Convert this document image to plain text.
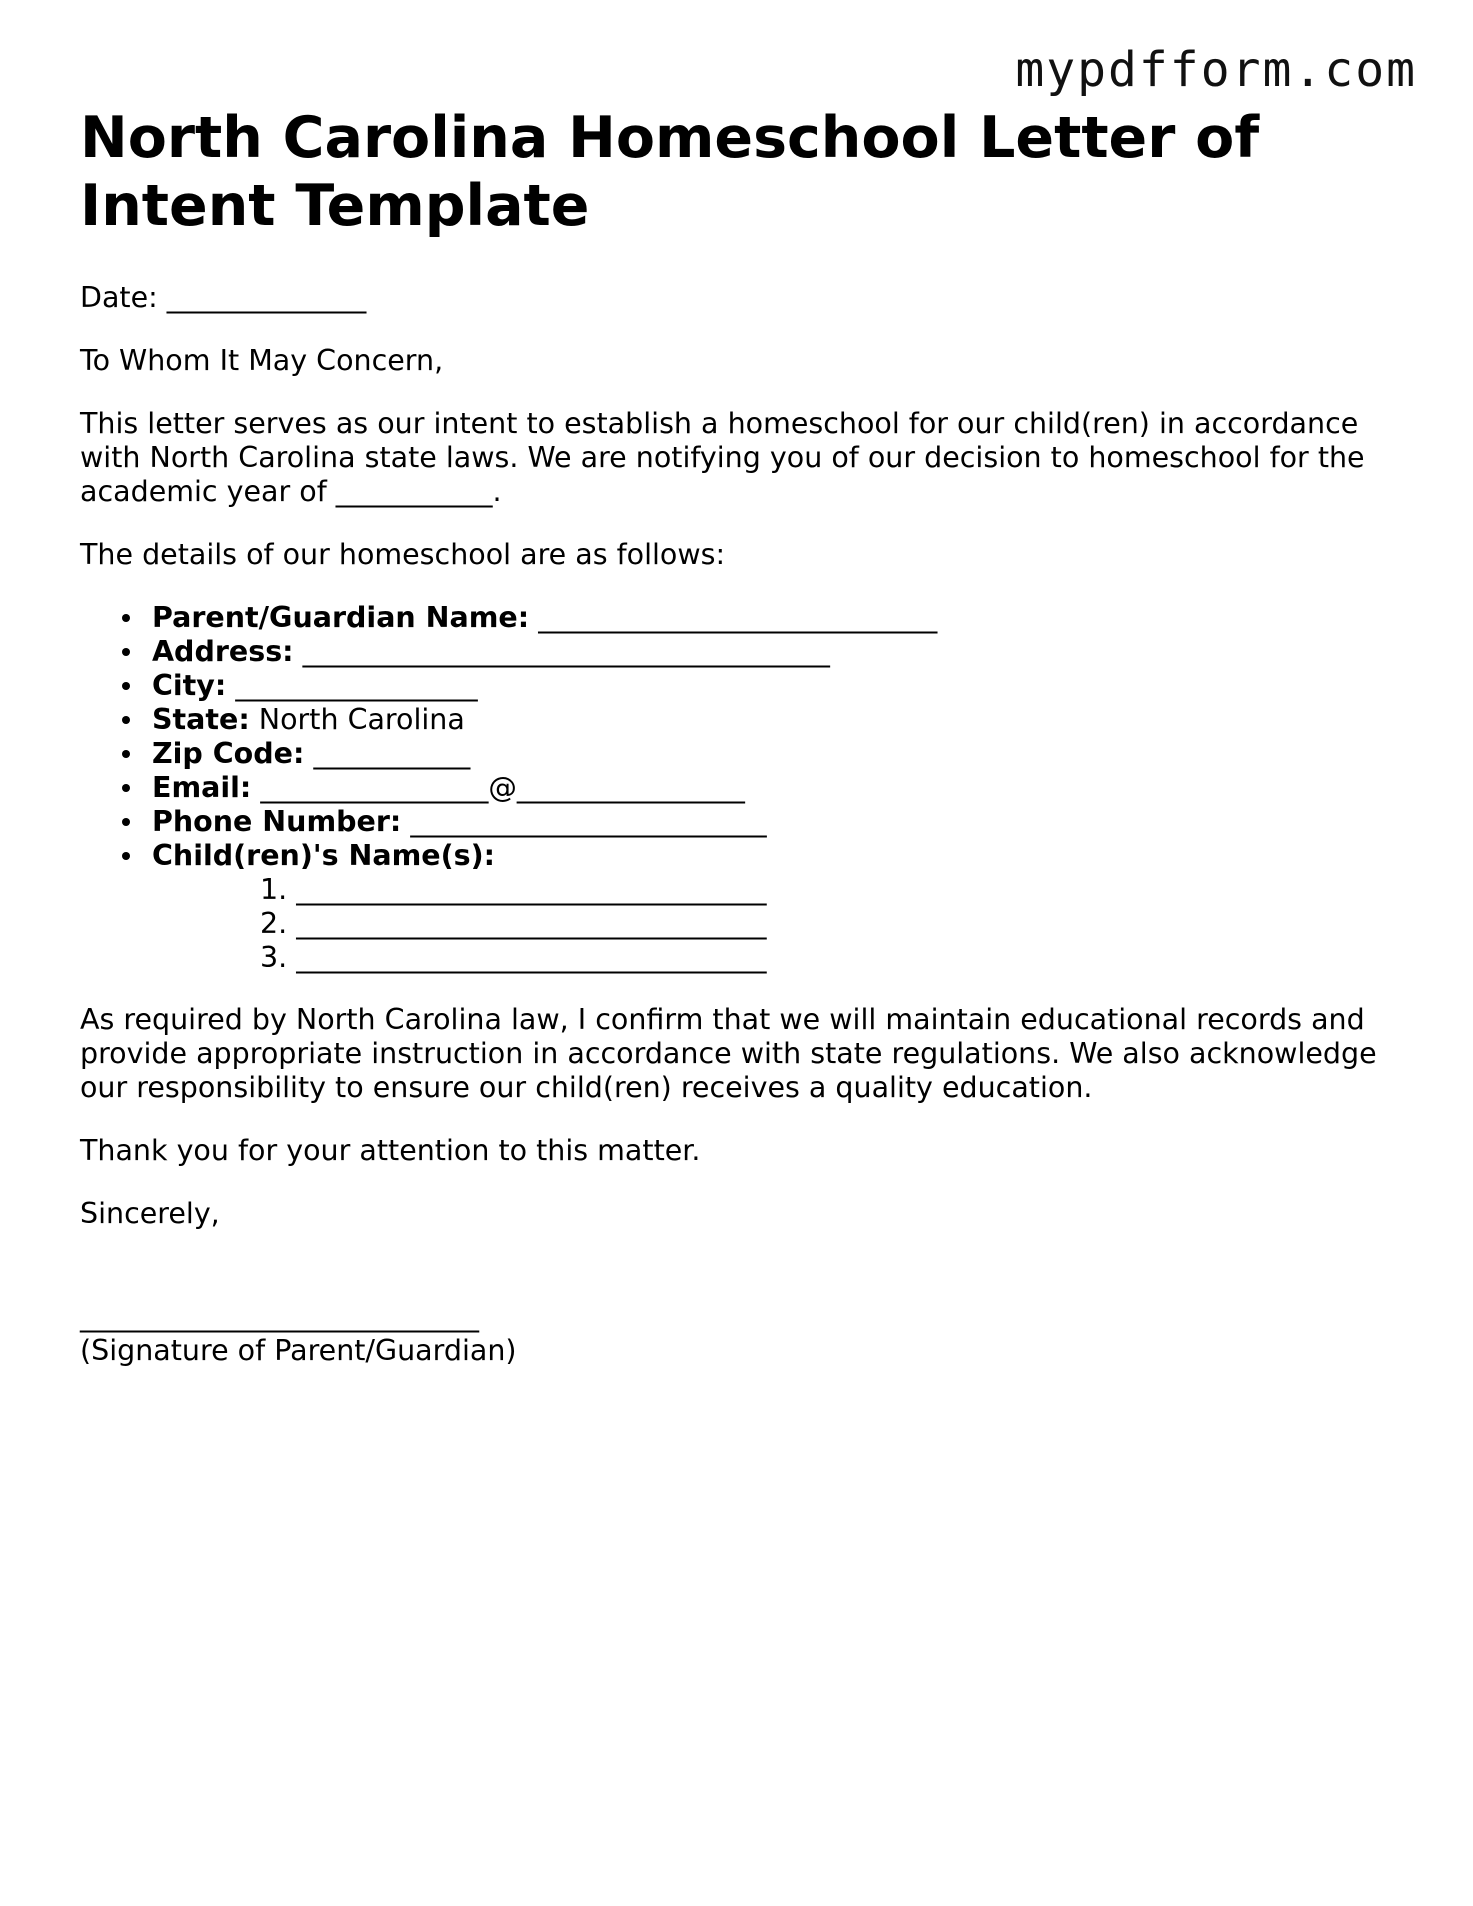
mypdfform.com
North Carolina Homeschool Letter of Intent Template

Date: ______________

To Whom It May Concern,

This letter serves as our intent to establish a homeschool for our child(ren) in accordance with North Carolina state laws. We are notifying you of our decision to homeschool for the academic year of ___________.

The details of our homeschool are as follows:

Parent/Guardian Name: ____________________________
Address: _____________________________________
City: _________________
State: North Carolina
Zip Code: ___________
Email: ________________@________________
Phone Number: _________________________
Child(ren)'s Name(s):
1. _________________________________
2. _________________________________
3. _________________________________

As required by North Carolina law, I confirm that we will maintain educational records and provide appropriate instruction in accordance with state regulations. We also acknowledge our responsibility to ensure our child(ren) receives a quality education.

Thank you for your attention to this matter.

Sincerely,

____________________________

(Signature of Parent/Guardian)
